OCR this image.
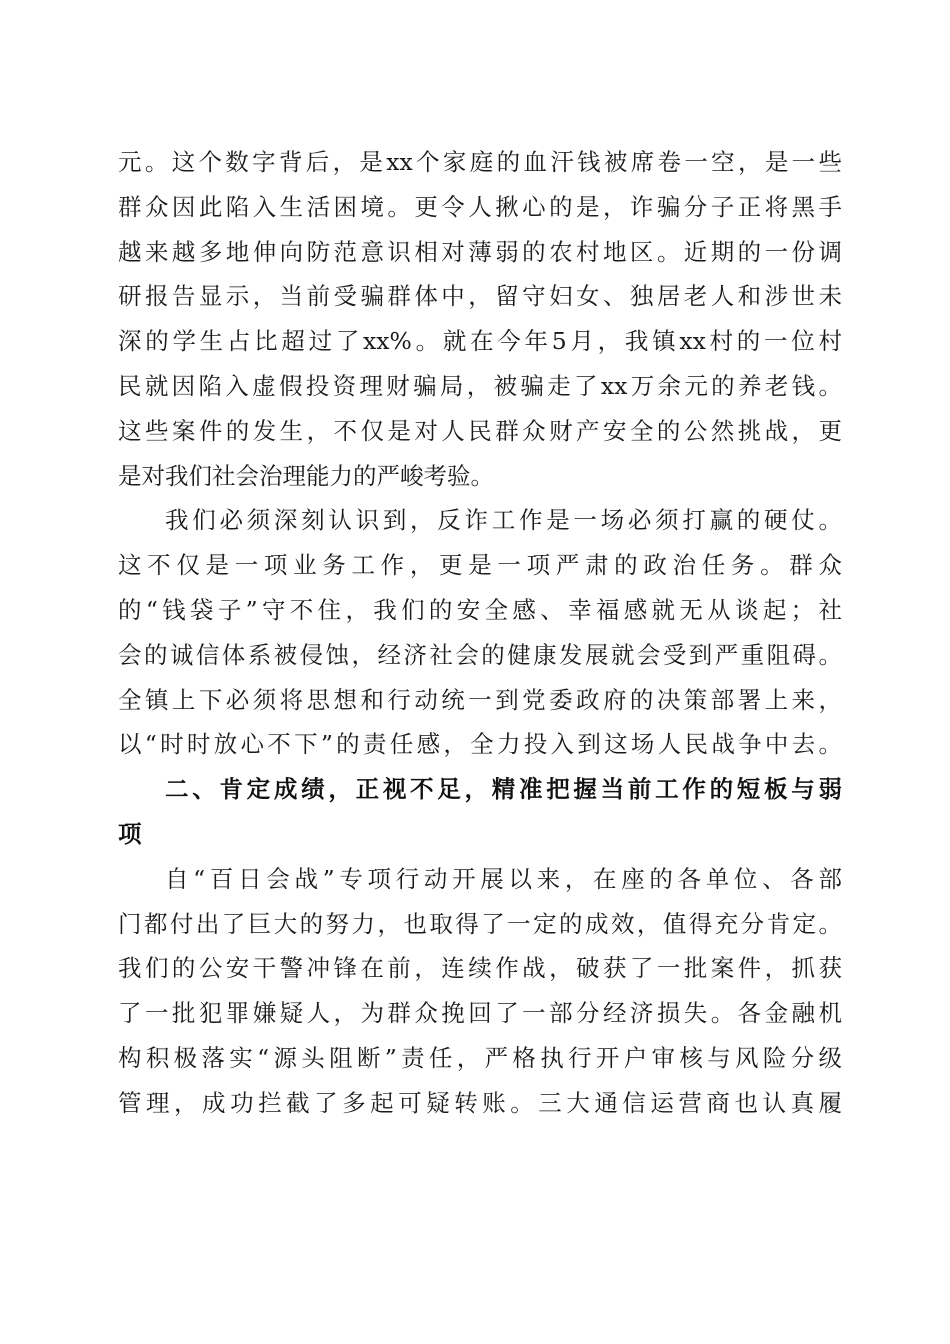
元。这个数字背后，是xx个家庭的血汗钱被席卷一空，是一些
群众因此陷入生活困境。更令人揪心的是，诈骗分子正将黑手
越来越多地伸向防范意识相对薄弱的农村地区。近期的一份调
研报告显示，当前受骗群体中，留守妇女、独居老人和涉世未
深的学生占比超过了xx%。就在今年5月，我镇xx村的一位村
民就因陷入虚假投资理财骗局，被骗走了xx万余元的养老钱。
这些案件的发生，不仅是对人民群众财产安全的公然挑战，更
是对我们社会治理能力的严峻考验。
我们必须深刻认识到，反诈工作是一场必须打赢的硬仗。
这不仅是一项业务工作，更是一项严肃的政治任务。群众
的“钱袋子”守不住，我们的安全感、幸福感就无从谈起；社
会的诚信体系被侵蚀，经济社会的健康发展就会受到严重阻碍。
全镇上下必须将思想和行动统一到党委政府的决策部署上来，
以“时时放心不下”的责任感，全力投入到这场人民战争中去。
二、肯定成绩，正视不足，精准把握当前工作的短板与弱
项
自“百日会战”专项行动开展以来，在座的各单位、各部
门都付出了巨大的努力，也取得了一定的成效，值得充分肯定。
我们的公安干警冲锋在前，连续作战，破获了一批案件，抓获
了一批犯罪嫌疑人，为群众挽回了一部分经济损失。各金融机
构积极落实“源头阻断”责任，严格执行开户审核与风险分级
管理，成功拦截了多起可疑转账。三大通信运营商也认真履
